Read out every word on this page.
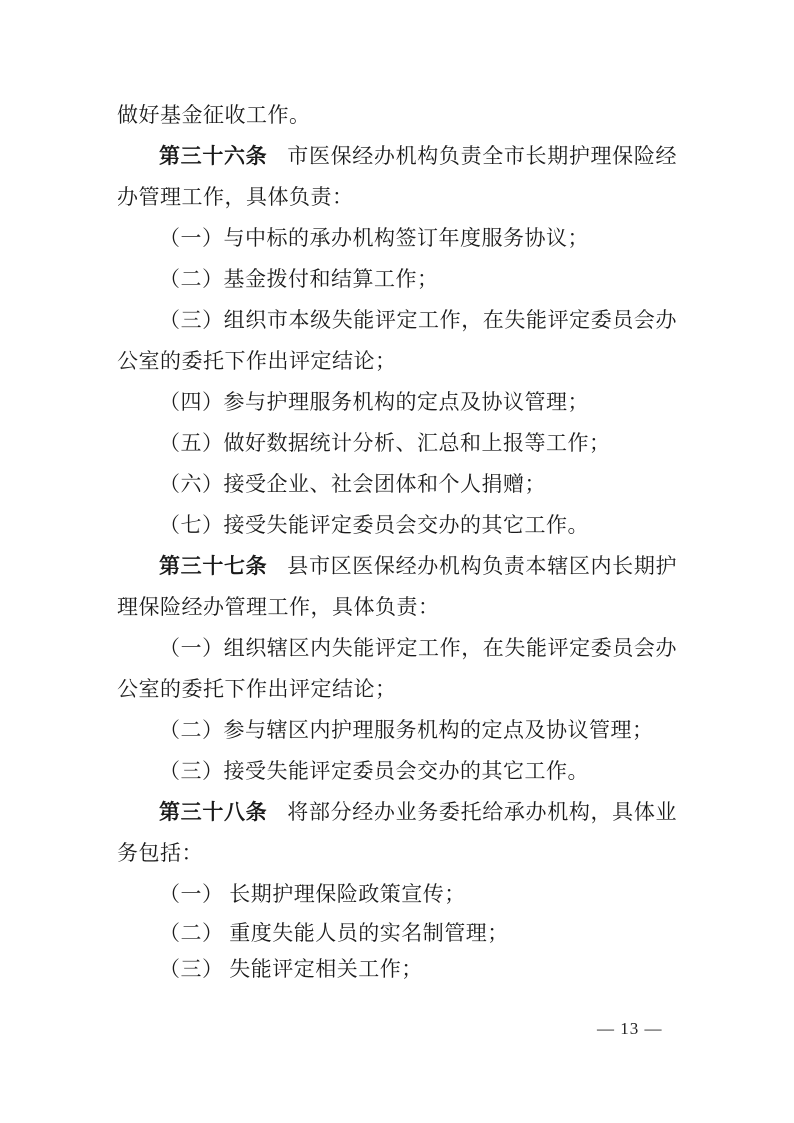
做好基金征收工作。

第三十六条 市医保经办机构负责全市长期护理保险经办管理工作，具体负责：

（一）与中标的承办机构签订年度服务协议；

（二）基金拨付和结算工作；

（三）组织市本级失能评定工作，在失能评定委员会办公室的委托下作出评定结论；

（四）参与护理服务机构的定点及协议管理；

（五）做好数据统计分析、汇总和上报等工作；

（六）接受企业、社会团体和个人捐赠；

（七）接受失能评定委员会交办的其它工作。

第三十七条 县市区医保经办机构负责本辖区内长期护理保险经办管理工作，具体负责：

（一）组织辖区内失能评定工作，在失能评定委员会办公室的委托下作出评定结论；

（二）参与辖区内护理服务机构的定点及协议管理；

（三）接受失能评定委员会交办的其它工作。

第三十八条 将部分经办业务委托给承办机构，具体业务包括：

（一） 长期护理保险政策宣传；

（二） 重度失能人员的实名制管理；

（三） 失能评定相关工作；

— 13 —
